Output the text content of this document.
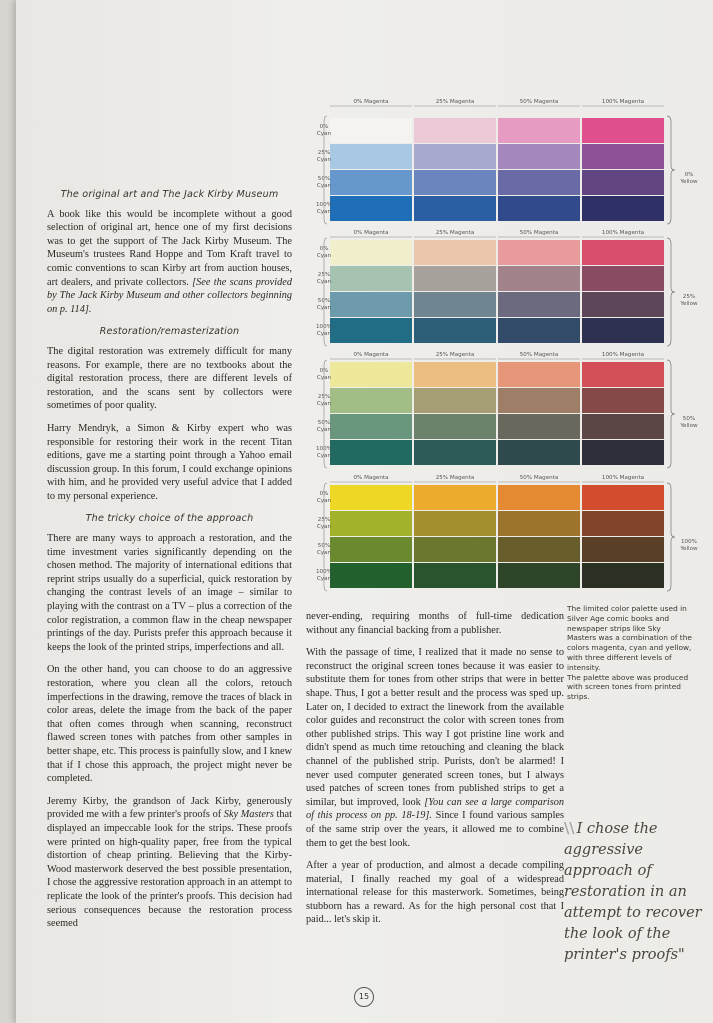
0% Magenta	25% Magenta	50% Magenta	100% Magenta
0%
Cyan
25%
Cyan
50%
Cyan
100%
Cyan
0%
Yellow
0% Magenta	25% Magenta	50% Magenta	100% Magenta
0%
Cyan
25%
Cyan
50%
Cyan
100%
Cyan
25%
Yellow
0% Magenta	25% Magenta	50% Magenta	100% Magenta
0%
Cyan
25%
Cyan
50%
Cyan
100%
Cyan
50%
Yellow
0% Magenta	25% Magenta	50% Magenta	100% Magenta
0%
Cyan
25%
Cyan
50%
Cyan
100%
Cyan
100%
Yellow
The original art and The Jack Kirby Museum

A book like this would be incomplete without a good selection of original art, hence one of my first decisions was to get the support of The Jack Kirby Museum. The Museum's trustees Rand Hoppe and Tom Kraft travel to comic conventions to scan Kirby art from auction houses, art dealers, and private collectors. [See the scans provided by The Jack Kirby Museum and other collectors beginning on p. 114].

Restoration/remasterization

The digital restoration was extremely difficult for many reasons. For example, there are no textbooks about the digital restoration process, there are different levels of restoration, and the scans sent by collectors were sometimes of poor quality.

Harry Mendryk, a Simon & Kirby expert who was responsible for restoring their work in the recent Titan editions, gave me a starting point through a Yahoo email discussion group. In this forum, I could exchange opinions with him, and he provided very useful advice that I added to my personal experience.

The tricky choice of the approach

There are many ways to approach a restoration, and the time investment varies significantly depending on the chosen method. The majority of international editions that reprint strips usually do a superficial, quick restoration by changing the contrast levels of an image – similar to playing with the contrast on a TV – plus a correction of the color registration, a common flaw in the cheap newspaper printings of the day. Purists prefer this approach because it keeps the look of the printed strips, imperfections and all.

On the other hand, you can choose to do an aggressive restoration, where you clean all the colors, retouch imperfections in the drawing, remove the traces of black in color areas, delete the image from the back of the paper that often comes through when scanning, reconstruct flawed screen tones with patches from other samples in better shape, etc. This process is painfully slow, and I knew that if I chose this approach, the project might never be completed.

Jeremy Kirby, the grandson of Jack Kirby, generously provided me with a few printer's proofs of Sky Masters that displayed an impeccable look for the strips. These proofs were printed on high-quality paper, free from the typical distortion of cheap printing. Believing that the Kirby-Wood masterwork deserved the best possible presentation, I chose the aggressive restoration approach in an attempt to replicate the look of the printer's proofs. This decision had serious consequences because the restoration process seemed

never-ending, requiring months of full-time dedication without any financial backing from a publisher.

With the passage of time, I realized that it made no sense to reconstruct the original screen tones because it was easier to substitute them for tones from other strips that were in better shape. Thus, I got a better result and the process was sped up. Later on, I decided to extract the linework from the available color guides and reconstruct the color with screen tones from other published strips. This way I got pristine line work and didn't spend as much time retouching and cleaning the black channel of the published strip. Purists, don't be alarmed! I never used computer generated screen tones, but I always used patches of screen tones from published strips to get a similar, but improved, look [You can see a large comparison of this process on pp. 18-19]. Since I found various samples of the same strip over the years, it allowed me to combine them to get the best look.

After a year of production, and almost a decade compiling material, I finally reached my goal of a widespread international release for this masterwork. Sometimes, being stubborn has a reward. As for the high personal cost that I paid... let's skip it.

The limited color palette used in Silver Age comic books and newspaper strips like Sky Masters was a combination of the colors magenta, cyan and yellow, with three different levels of intensity.

The palette above was produced with screen tones from printed strips.

\\ I chose the aggressive approach of restoration in an attempt to recover the look of the printer's proofs"
15
